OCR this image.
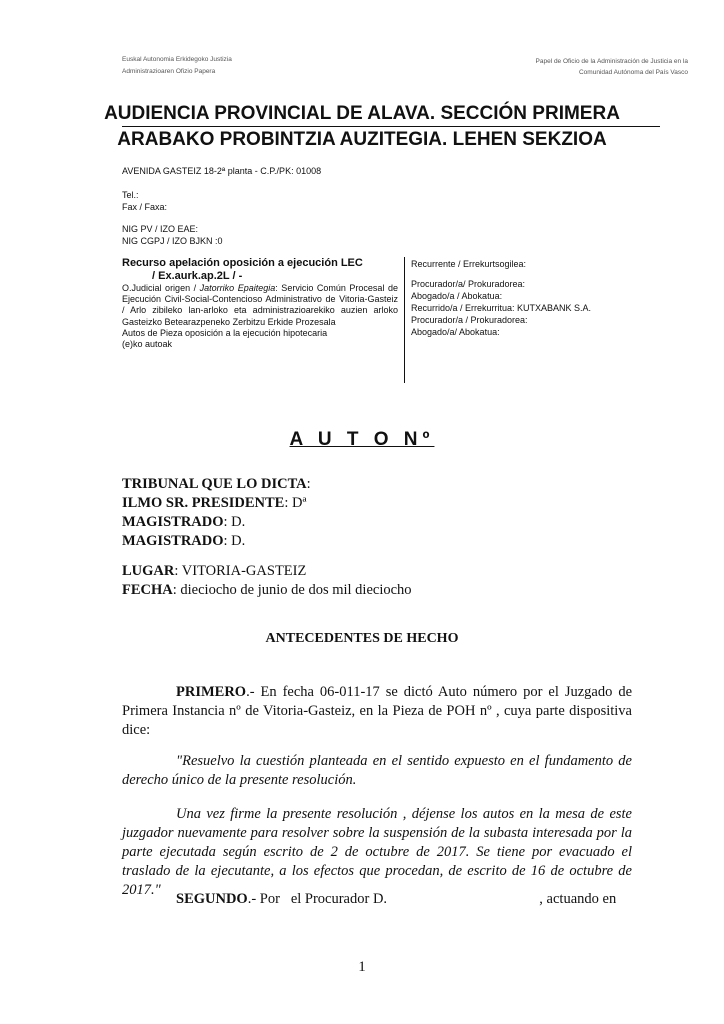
Euskal Autonomia Erkidegoko Justizia
Administrazioaren Ofizio Papera
Papel de Oficio de la Administración de Justicia en la
Comunidad Autónoma del País Vasco
AUDIENCIA PROVINCIAL DE ALAVA. SECCIÓN PRIMERA
ARABAKO PROBINTZIA AUZITEGIA. LEHEN SEKZIOA
AVENIDA GASTEIZ 18-2ª planta - C.P./PK: 01008
Tel.:
Fax / Faxa:
NIG PV / IZO EAE:
NIG CGPJ / IZO BJKN :0
Recurso apelación oposición a ejecución LEC
/ Ex.aurk.ap.2L / -
O.Judicial origen / Jatorriko Epaitegia: Servicio Común Procesal de Ejecución Civil-Social-Contencioso Administrativo de Vitoria-Gasteiz / Arlo zibileko lan-arloko eta administrazioarekiko auzien arloko Gasteizko Betearazpeneko Zerbitzu Erkide Prozesala
Autos de Pieza oposición a la ejecución hipotecaria
(e)ko autoak
Recurrente / Errekurtsogilea:
Procurador/a/ Prokuradorea:
Abogado/a / Abokatua:
Recurrido/a / Errekurritua: KUTXABANK S.A.
Procurador/a / Prokuradorea:
Abogado/a/ Abokatua:
A U T O Nº
TRIBUNAL QUE LO DICTA:
ILMO SR. PRESIDENTE: Dª
MAGISTRADO: D.
MAGISTRADO: D.
LUGAR: VITORIA-GASTEIZ
FECHA: dieciocho de junio de dos mil dieciocho
ANTECEDENTES DE HECHO
PRIMERO.- En fecha 06-011-17 se dictó Auto número por el Juzgado de Primera Instancia nº de Vitoria-Gasteiz, en la Pieza de POH nº , cuya parte dispositiva dice:
"Resuelvo la cuestión planteada en el sentido expuesto en el fundamento de derecho único de la presente resolución.
Una vez firme la presente resolución , déjense los autos en la mesa de este juzgador nuevamente para resolver sobre la suspensión de la subasta interesada por la parte ejecutada según escrito de 2 de octubre de 2017. Se tiene por evacuado el traslado de la ejecutante, a los efectos que procedan, de escrito de 16 de octubre de 2017."
SEGUNDO.- Por   el Procurador D.                                          , actuando en
1
